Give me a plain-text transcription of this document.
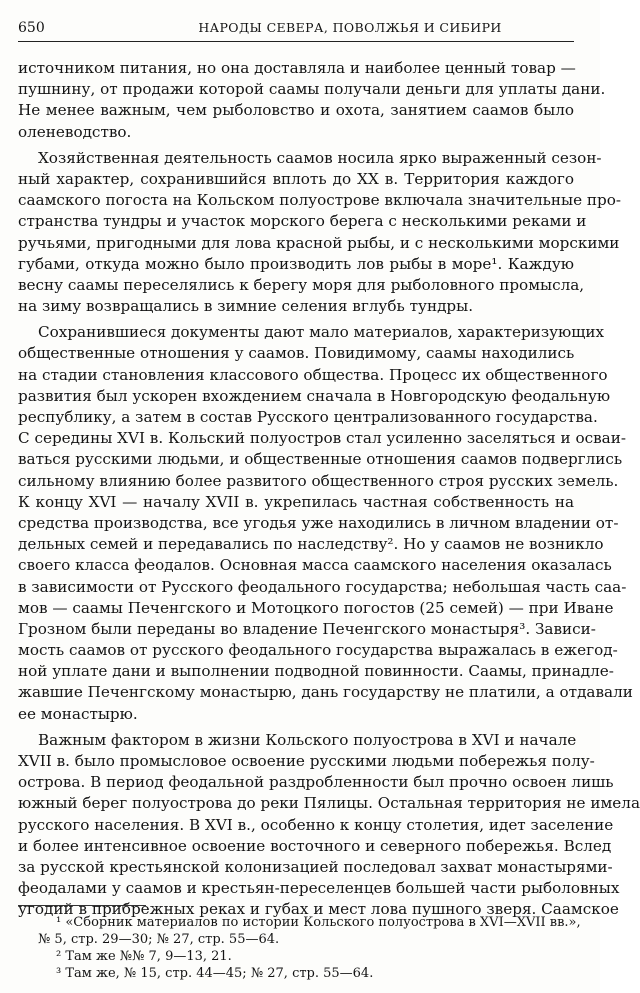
650	НАРОДЫ СЕВЕРА, ПОВОЛЖЬЯ И СИБИРИ
источником питания, но она доставляла и наиболее ценный товар —
пушнину, от продажи которой саамы получали деньги для уплаты дани.
Не менее важным, чем рыболовство и охота, занятием саамов было
оленеводство.
Хозяйственная деятельность саамов носила ярко выраженный сезон-
ный характер, сохранившийся вплоть до XX в. Территория каждого
саамского погоста на Кольском полуострове включала значительные про-
странства тундры и участок морского берега с несколькими реками и
ручьями, пригодными для лова красной рыбы, и с несколькими морскими
губами, откуда можно было производить лов рыбы в море¹. Каждую
весну саамы переселялись к берегу моря для рыболовного промысла,
на зиму возвращались в зимние селения вглубь тундры.
Сохранившиеся документы дают мало материалов, характеризующих
общественные отношения у саамов. Повидимому, саамы находились
на стадии становления классового общества. Процесс их общественного
развития был ускорен вхождением сначала в Новгородскую феодальную
республику, а затем в состав Русского централизованного государства.
С середины XVI в. Кольский полуостров стал усиленно заселяться и осваи-
ваться русскими людьми, и общественные отношения саамов подверглись
сильному влиянию более развитого общественного строя русских земель.
К концу XVI — началу XVII в. укрепилась частная собственность на
средства производства, все угодья уже находились в личном владении от-
дельных семей и передавались по наследству². Но у саамов не возникло
своего класса феодалов. Основная масса саамского населения оказалась
в зависимости от Русского феодального государства; небольшая часть саа-
мов — саамы Печенгского и Мотоцкого погостов (25 семей) — при Иване
Грозном были переданы во владение Печенгского монастыря³. Зависи-
мость саамов от русского феодального государства выражалась в ежегод-
ной уплате дани и выполнении подводной повинности. Саамы, принадле-
жавшие Печенгскому монастырю, дань государству не платили, а отдавали
ее монастырю.
Важным фактором в жизни Кольского полуострова в XVI и начале
XVII в. было промысловое освоение русскими людьми побережья полу-
острова. В период феодальной раздробленности был прочно освоен лишь
южный берег полуострова до реки Пялицы. Остальная территория не имела
русского населения. В XVI в., особенно к концу столетия, идет заселение
и более интенсивное освоение восточного и северного побережья. Вслед
за русской крестьянской колонизацией последовал захват монастырями-
феодалами у саамов и крестьян-переселенцев большей части рыболовных
угодий в прибрежных реках и губах и мест лова пушного зверя. Саамское
¹ «Сборник материалов по истории Кольского полуострова в XVI—XVII вв.»,
№ 5, стр. 29—30; № 27, стр. 55—64.
² Там же №№ 7, 9—13, 21.
³ Там же, № 15, стр. 44—45; № 27, стр. 55—64.
